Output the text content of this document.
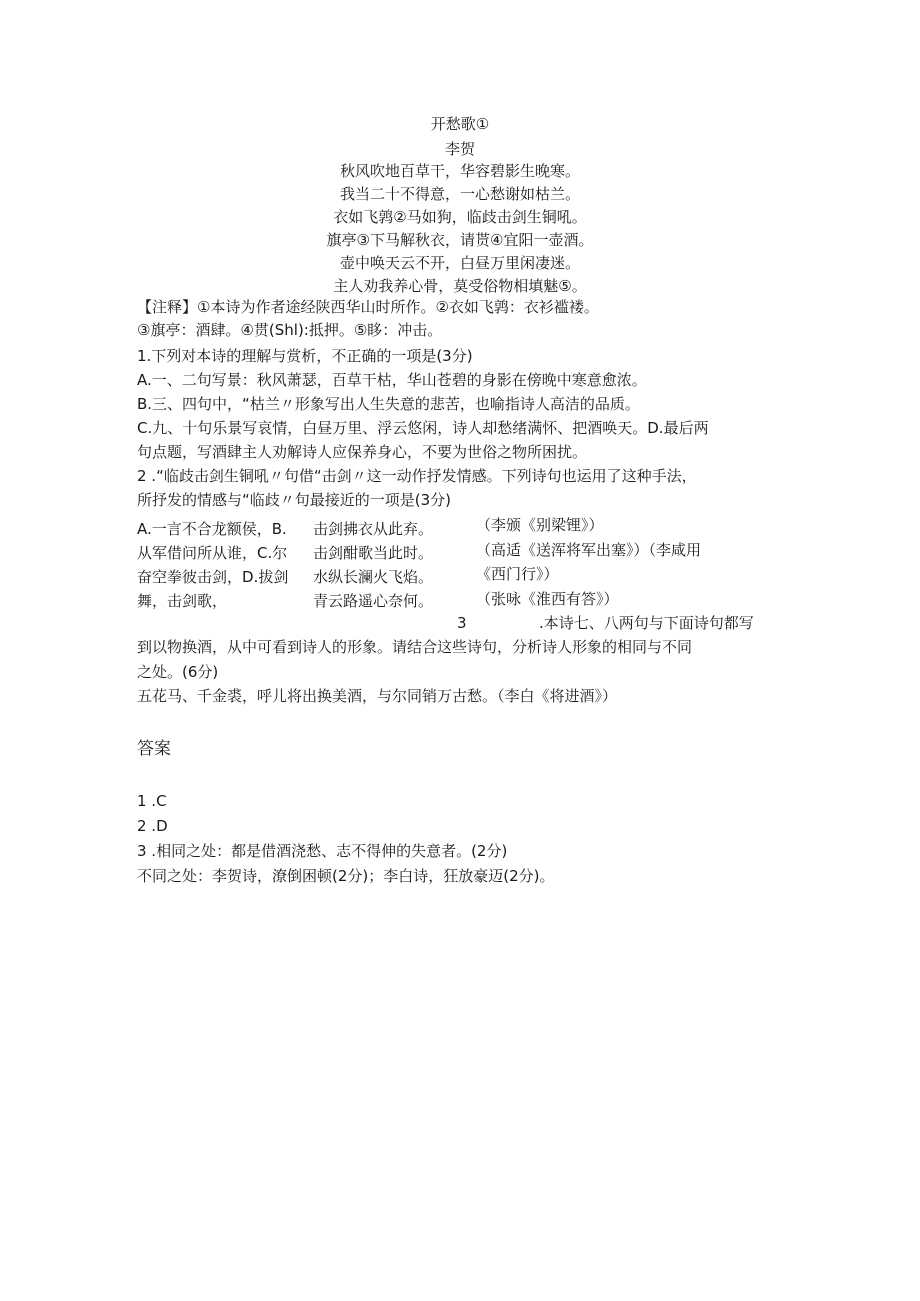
开愁歌①
李贺
秋风吹地百草干，华容碧影生晚寒。
我当二十不得意，一心愁谢如枯兰。
衣如飞鹑②马如狗，临歧击剑生铜吼。
旗亭③下马解秋衣，请贳④宜阳一壶酒。
壶中唤天云不开，白昼万里闲凄迷。
主人劝我养心骨，莫受俗物相填魅⑤。
【注释】①本诗为作者途经陕西华山时所作。②衣如飞鹑：衣衫褴褛。
③旗亭：酒肆。④贯(Shl):抵押。⑤眵：冲击。
1.下列对本诗的理解与赏析，不正确的一项是(3分)
A.一、二句写景：秋风萧瑟，百草干枯，华山苍碧的身影在傍晚中寒意愈浓。
B.三、四句中，“枯兰〃形象写出人生失意的悲苦，也喻指诗人高洁的品质。
C.九、十句乐景写哀情，白昼万里、浮云悠闲，诗人却愁绪满怀、把酒唤天。D.最后两
句点题，写酒肆主人劝解诗人应保养身心，不要为世俗之物所困扰。
2 .“临歧击剑生铜吼〃句借“击剑〃这一动作抒发情感。下列诗句也运用了这种手法，
所抒发的情感与“临歧〃句最接近的一项是(3分)
A.一言不合龙额侯，B.
从军借问所从谁，C.尔
奋空拳彼击剑，D.拔剑
舞，击剑歌，
击剑拂衣从此弃。
击剑酣歌当此时。
水纵长澜火飞焰。
青云路遥心奈何。
（李颁《别梁锂》）
（高适《送浑将军出塞》）（李咸用
《西门行》）
（张咏《淮西有答》）
3	.本诗七、八两句与下面诗句都写
到以物换酒，从中可看到诗人的形象。请结合这些诗句，分析诗人形象的相同与不同
之处。(6分)
五花马、千金裘，呼儿将出换美酒，与尔同销万古愁。（李白《将进酒》）
答案
1 .C
2 .D
3 .相同之处：都是借酒浇愁、志不得伸的失意者。(2分)
不同之处：李贺诗，潦倒困顿(2分)；李白诗，狂放豪迈(2分)。
